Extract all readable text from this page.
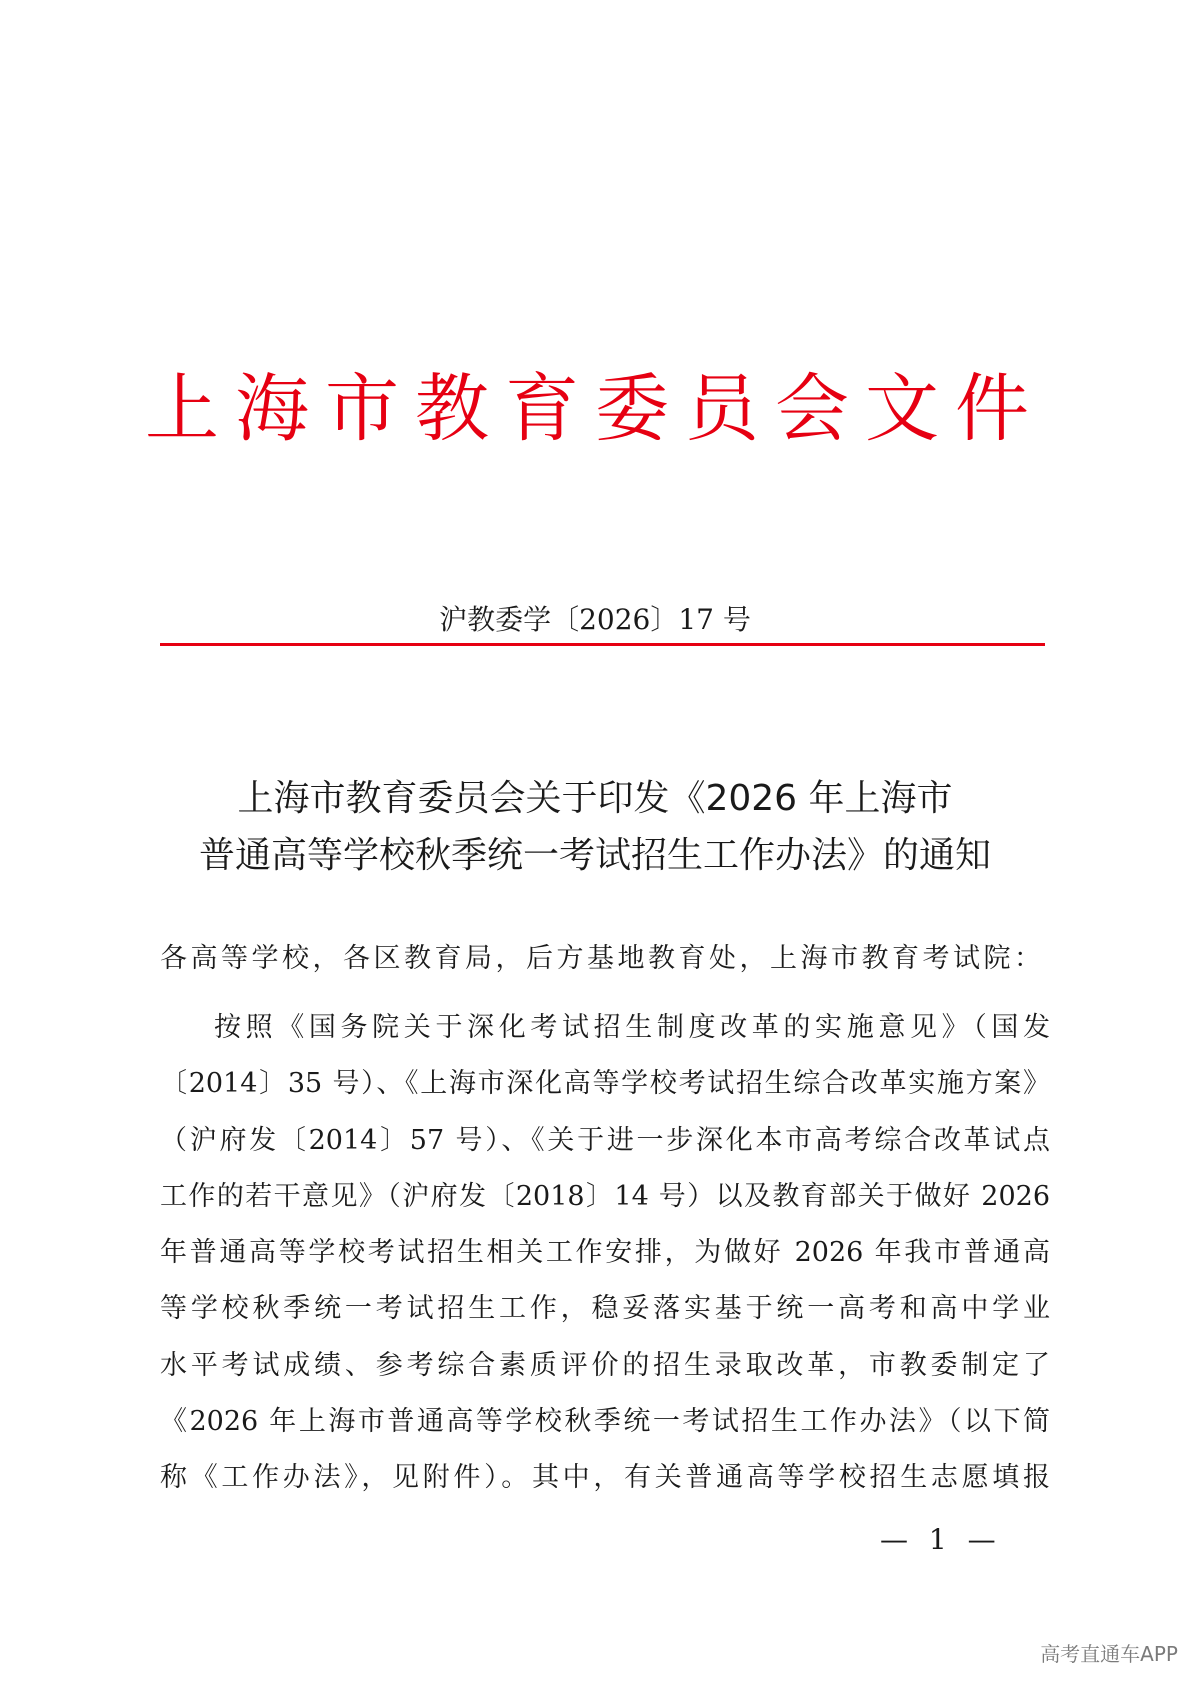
上海市教育委员会文件
沪教委学〔2026〕17 号
上海市教育委员会关于印发《2026 年上海市
普通高等学校秋季统一考试招生工作办法》的通知
各高等学校，各区教育局，后方基地教育处，上海市教育考试院：
按照《国务院关于深化考试招生制度改革的实施意见》（国发
〔2014〕35 号）、《上海市深化高等学校考试招生综合改革实施方案》
（沪府发〔2014〕57 号）、《关于进一步深化本市高考综合改革试点
工作的若干意见》（沪府发〔2018〕14 号）以及教育部关于做好 2026
年普通高等学校考试招生相关工作安排，为做好 2026 年我市普通高
等学校秋季统一考试招生工作，稳妥落实基于统一高考和高中学业
水平考试成绩、参考综合素质评价的招生录取改革，市教委制定了
《2026 年上海市普通高等学校秋季统一考试招生工作办法》（以下简
称《工作办法》，见附件）。其中，有关普通高等学校招生志愿填报
— 1 —
高考直通车APP
